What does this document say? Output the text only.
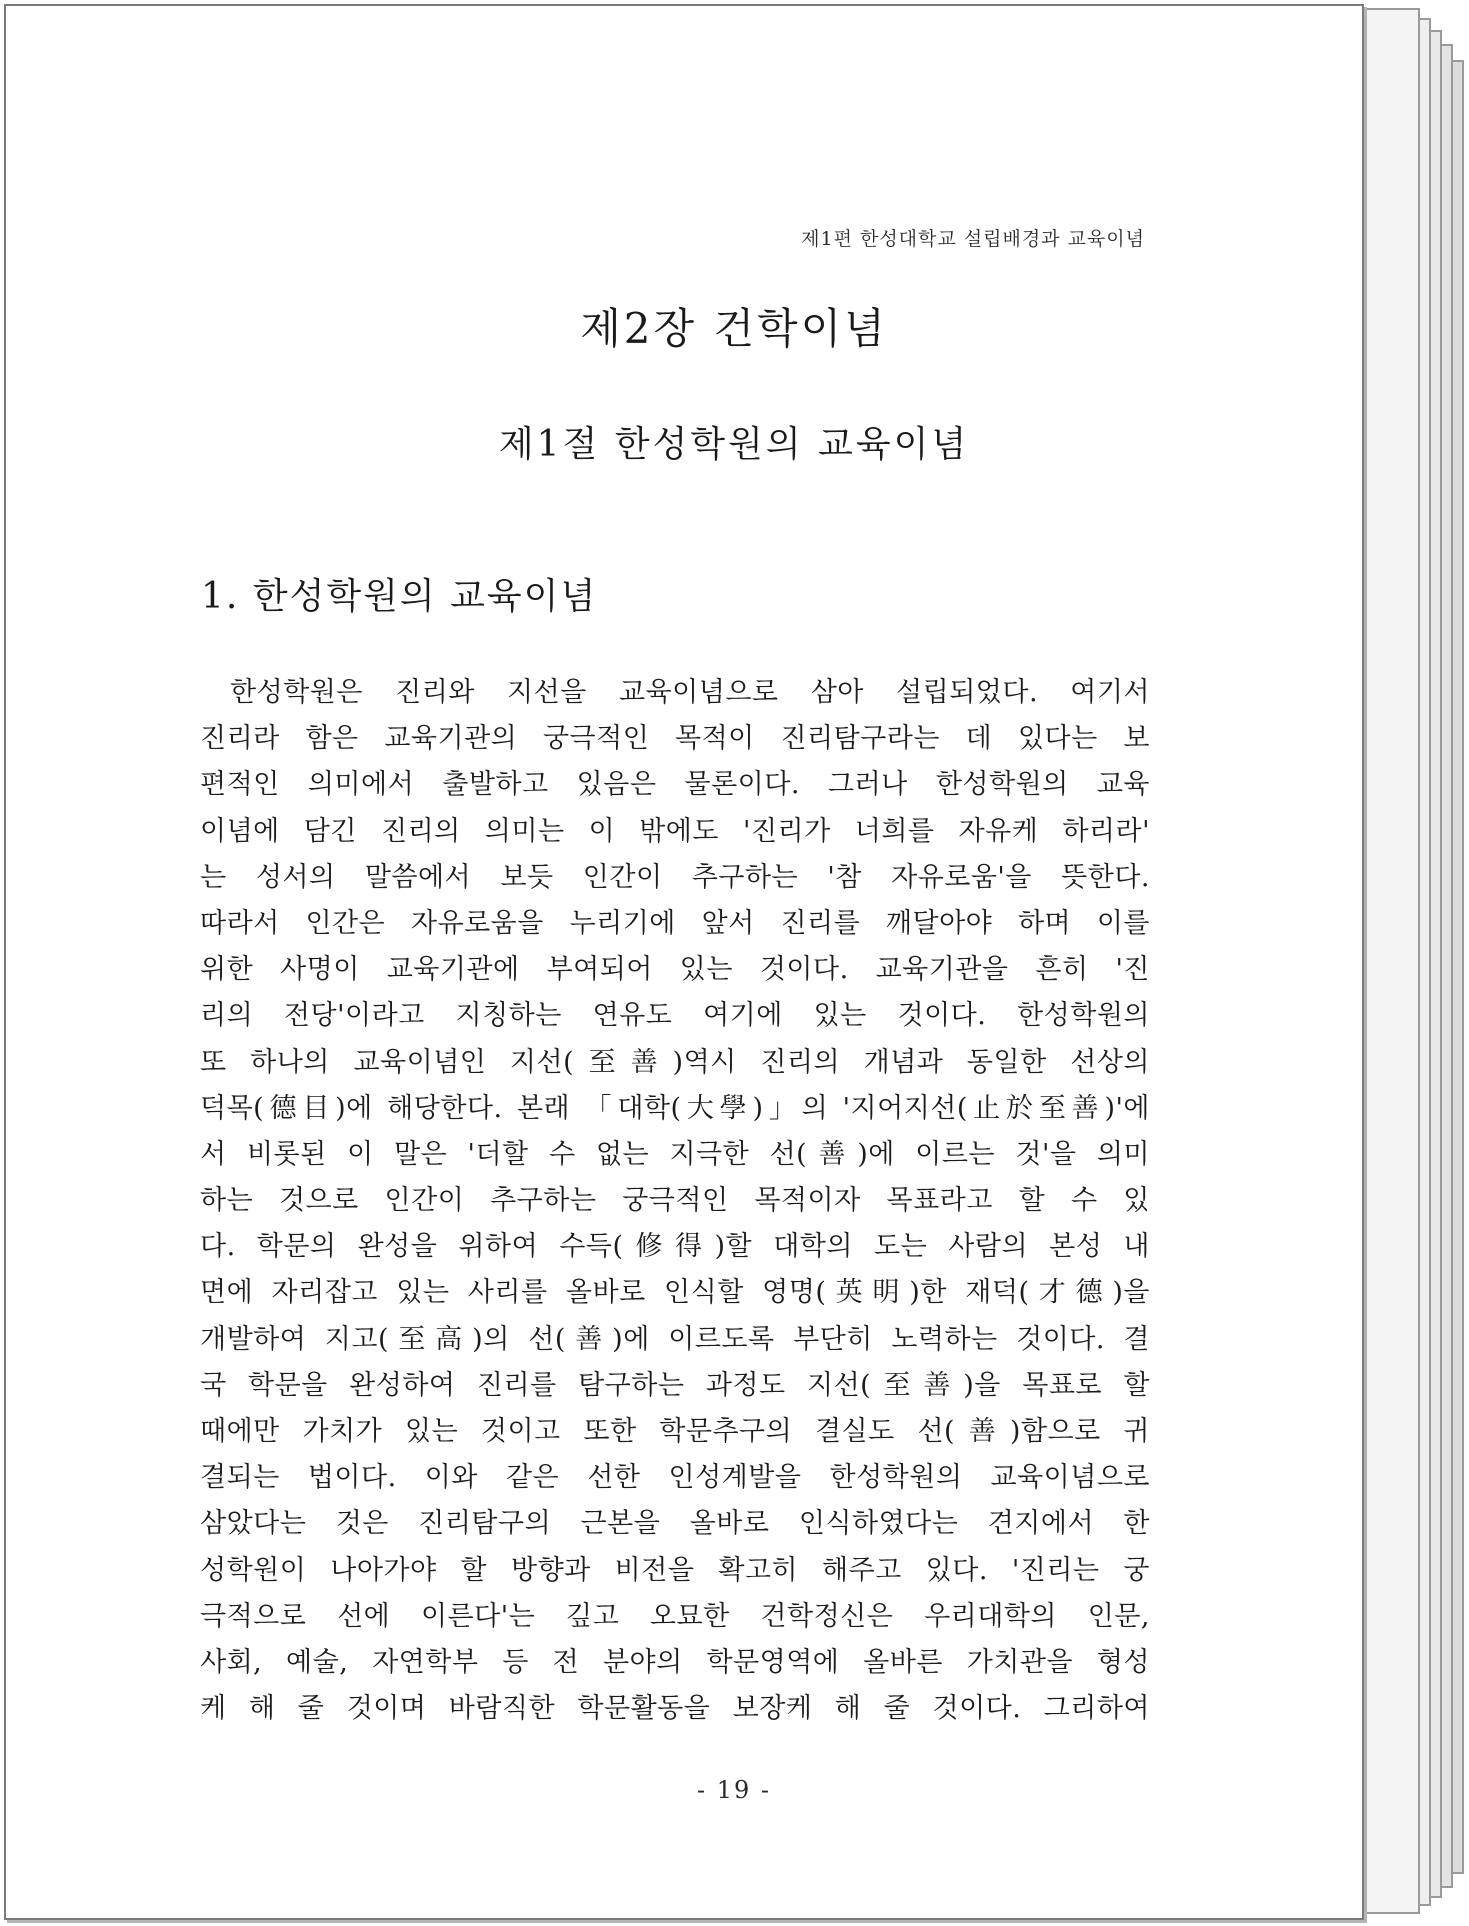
제1편 한성대학교 설립배경과 교육이념
제2장 건학이념
제1절 한성학원의 교육이념
1. 한성학원의 교육이념
한성학원은 진리와 지선을 교육이념으로 삼아 설립되었다. 여기서
진리라 함은 교육기관의 궁극적인 목적이 진리탐구라는 데 있다는 보
편적인 의미에서 출발하고 있음은 물론이다. 그러나 한성학원의 교육
이념에 담긴 진리의 의미는 이 밖에도 '진리가 너희를 자유케 하리라'
는 성서의 말씀에서 보듯 인간이 추구하는 '참 자유로움'을 뜻한다.
따라서 인간은 자유로움을 누리기에 앞서 진리를 깨달아야 하며 이를
위한 사명이 교육기관에 부여되어 있는 것이다. 교육기관을 흔히 '진
리의 전당'이라고 지칭하는 연유도 여기에 있는 것이다. 한성학원의
또 하나의 교육이념인 지선(至善)역시 진리의 개념과 동일한 선상의
덕목(德目)에 해당한다. 본래 「대학(大學)」의 '지어지선(止於至善)'에
서 비롯된 이 말은 '더할 수 없는 지극한 선(善)에 이르는 것'을 의미
하는 것으로 인간이 추구하는 궁극적인 목적이자 목표라고 할 수 있
다. 학문의 완성을 위하여 수득(修得)할 대학의 도는 사람의 본성 내
면에 자리잡고 있는 사리를 올바로 인식할 영명(英明)한 재덕(才德)을
개발하여 지고(至高)의 선(善)에 이르도록 부단히 노력하는 것이다. 결
국 학문을 완성하여 진리를 탐구하는 과정도 지선(至善)을 목표로 할
때에만 가치가 있는 것이고 또한 학문추구의 결실도 선(善)함으로 귀
결되는 법이다. 이와 같은 선한 인성계발을 한성학원의 교육이념으로
삼았다는 것은 진리탐구의 근본을 올바로 인식하였다는 견지에서 한
성학원이 나아가야 할 방향과 비전을 확고히 해주고 있다. '진리는 궁
극적으로 선에 이른다'는 깊고 오묘한 건학정신은 우리대학의 인문,
사회, 예술, 자연학부 등 전 분야의 학문영역에 올바른 가치관을 형성
케 해 줄 것이며 바람직한 학문활동을 보장케 해 줄 것이다. 그리하여
- 19 -
